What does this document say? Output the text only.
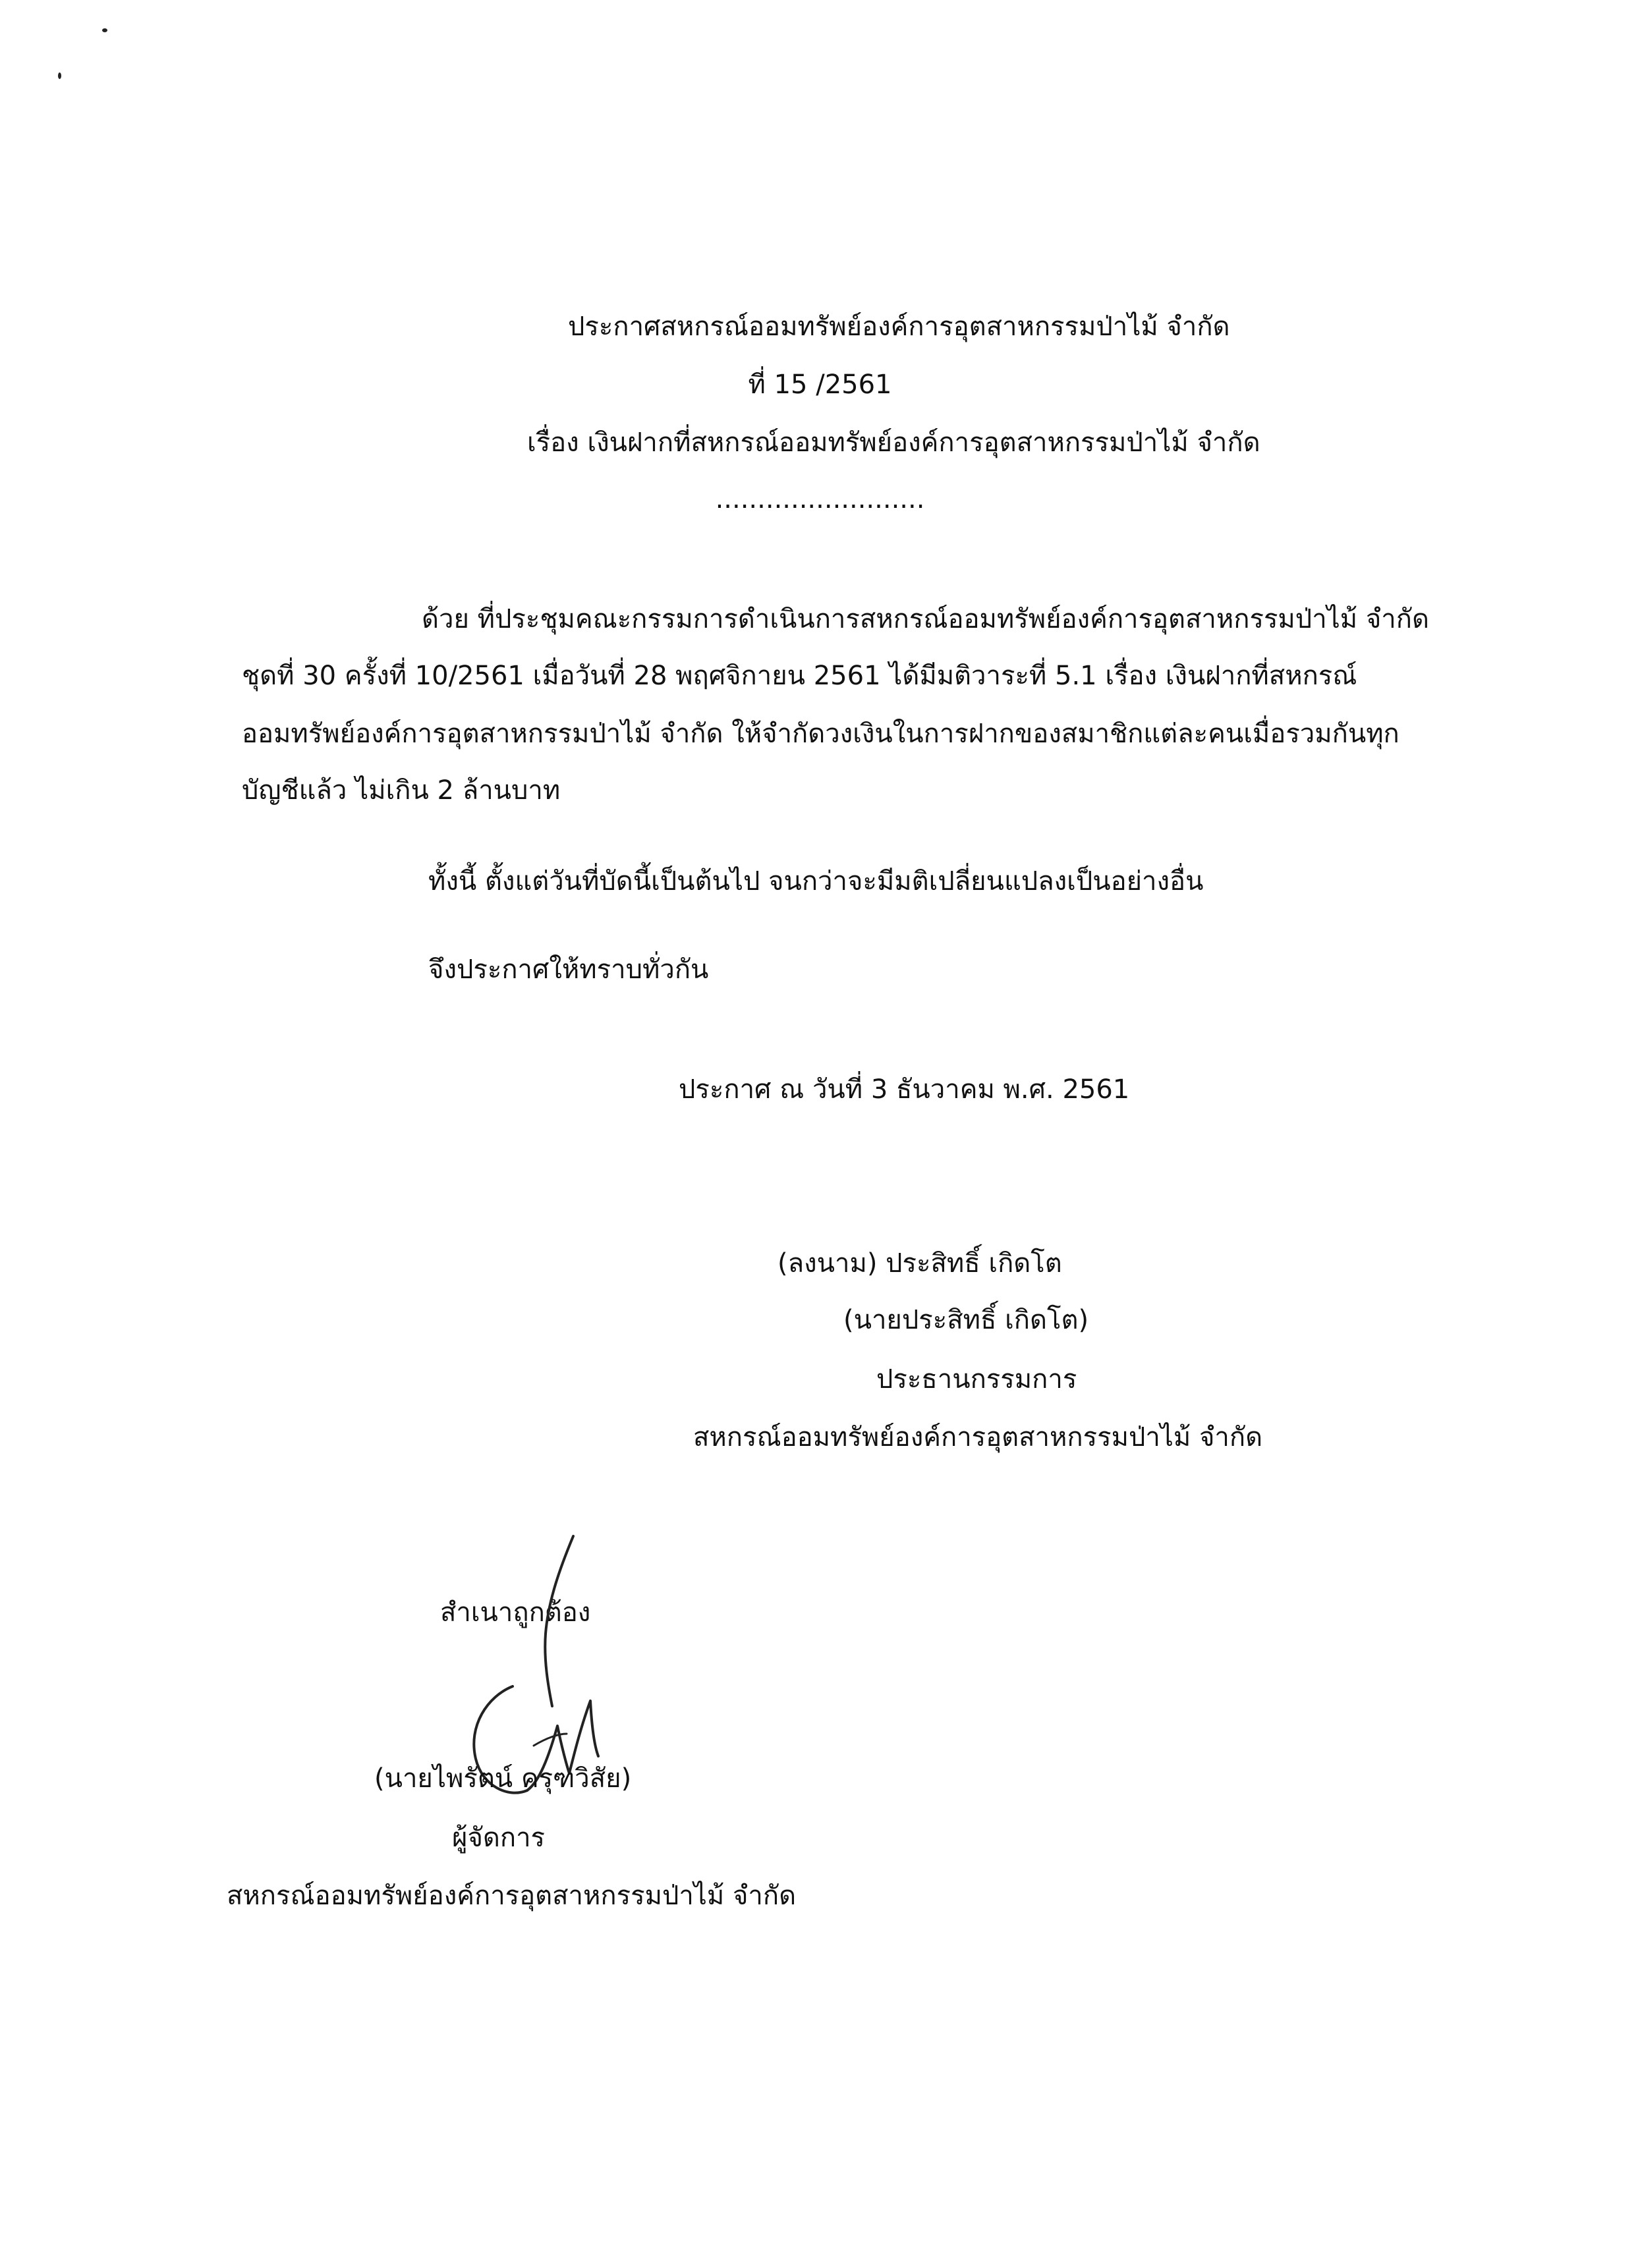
ประกาศสหกรณ์ออมทรัพย์องค์การอุตสาหกรรมป่าไม้ จำกัด
ที่ 15 /2561
เรื่อง เงินฝากที่สหกรณ์ออมทรัพย์องค์การอุตสาหกรรมป่าไม้ จำกัด
.........................
ด้วย ที่ประชุมคณะกรรมการดำเนินการสหกรณ์ออมทรัพย์องค์การอุตสาหกรรมป่าไม้ จำกัด
ชุดที่ 30 ครั้งที่ 10/2561 เมื่อวันที่ 28 พฤศจิกายน 2561 ได้มีมติวาระที่ 5.1 เรื่อง เงินฝากที่สหกรณ์
ออมทรัพย์องค์การอุตสาหกรรมป่าไม้ จำกัด ให้จำกัดวงเงินในการฝากของสมาชิกแต่ละคนเมื่อรวมกันทุก
บัญชีแล้ว ไม่เกิน 2 ล้านบาท
ทั้งนี้ ตั้งแต่วันที่บัดนี้เป็นต้นไป จนกว่าจะมีมติเปลี่ยนแปลงเป็นอย่างอื่น
จึงประกาศให้ทราบทั่วกัน
ประกาศ ณ วันที่ 3 ธันวาคม พ.ศ. 2561
(ลงนาม) ประสิทธิ์ เกิดโต
(นายประสิทธิ์ เกิดโต)
ประธานกรรมการ
สหกรณ์ออมทรัพย์องค์การอุตสาหกรรมป่าไม้ จำกัด
สำเนาถูกต้อง
(นายไพรัตน์ ครุฑวิสัย)
ผู้จัดการ
สหกรณ์ออมทรัพย์องค์การอุตสาหกรรมป่าไม้ จำกัด
